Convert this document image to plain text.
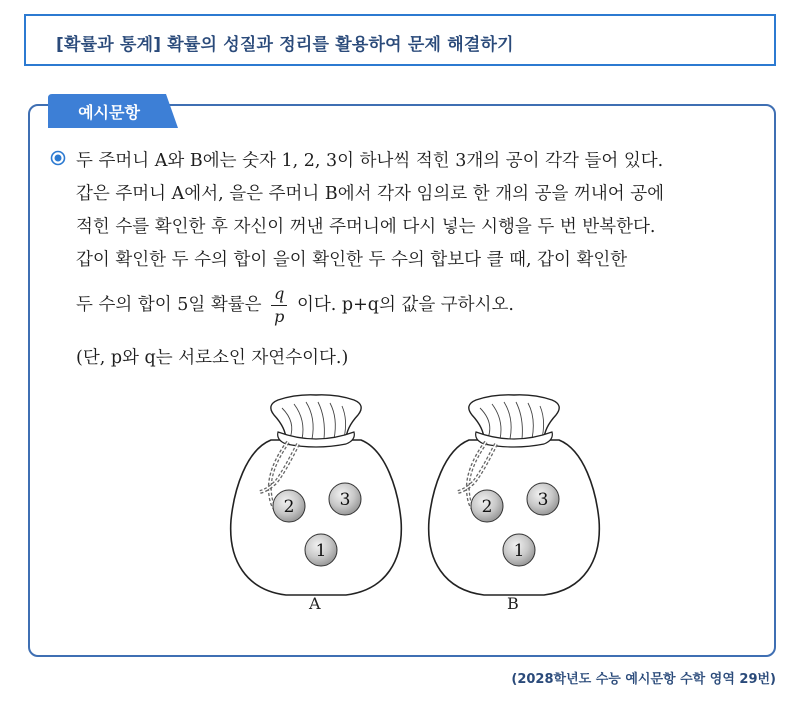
[확률과 통계] 확률의 성질과 정리를 활용하여 문제 해결하기
예시문항
두 주머니 A와 B에는 숫자 1, 2, 3이 하나씩 적힌 3개의 공이 각각 들어 있다.
갑은 주머니 A에서, 을은 주머니 B에서 각자 임의로 한 개의 공을 꺼내어 공에
적힌 수를 확인한 후 자신이 꺼낸 주머니에 다시 넣는 시행을 두 번 반복한다.
갑이 확인한 두 수의 합이 을이 확인한 두 수의 합보다 클 때, 갑이 확인한
두 수의 합이 5일 확률은 $\frac{q}{p}$ 이다. p+q의 값을 구하시오.
(단, p와 q는 서로소인 자연수이다.)
2	3
1
2	3
1
A	B
(2028학년도 수능 예시문항 수학 영역 29번)
